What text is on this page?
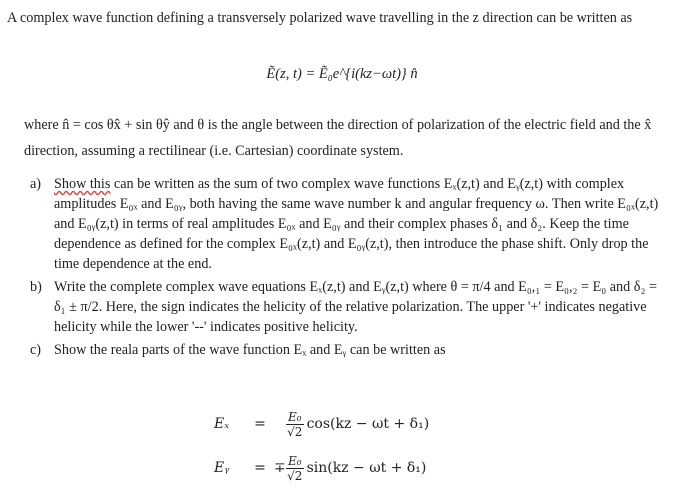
A complex wave function defining a transversely polarized wave travelling in the z direction can be written as
Ẽ(z, t) = Ẽ₀e^{i(kz−ωt)} n̂
where n̂ = cos θx̂ + sin θŷ and θ is the angle between the direction of polarization of the electric field and the x̂ direction, assuming a rectilinear (i.e. Cartesian) coordinate system.
a) Show this can be written as the sum of two complex wave functions Eₓ(z,t) and Eᵧ(z,t) with complex amplitudes E₀ₓ and E₀ᵧ, both having the same wave number k and angular frequency ω. Then write E₀ₓ(z,t) and E₀ᵧ(z,t) in terms of real amplitudes E₀ₓ and E₀ᵧ and their complex phases δ₁ and δ₂. Keep the time dependence as defined for the complex E₀ₓ(z,t) and E₀ᵧ(z,t), then introduce the phase shift. Only drop the time dependence at the end.
b) Write the complete complex wave equations Eₓ(z,t) and Eᵧ(z,t) where θ = π/4 and E₀,₁ = E₀,₂ = E₀ and δ₂ = δ₁ ± π/2. Here, the sign indicates the helicity of the relative polarization. The upper '+' indicates negative helicity while the lower '--' indicates positive helicity.
c) Show the reala parts of the wave function Eₓ and Eᵧ can be written as
Eₓ	=	$\frac{\text{E₀}}{√2} \cos(kz - \omega t + \delta_1)$
Eᵧ	= ∓ $\frac{\text{E₀}}{√2} \sin(kz - \omega t + \delta_1)$
